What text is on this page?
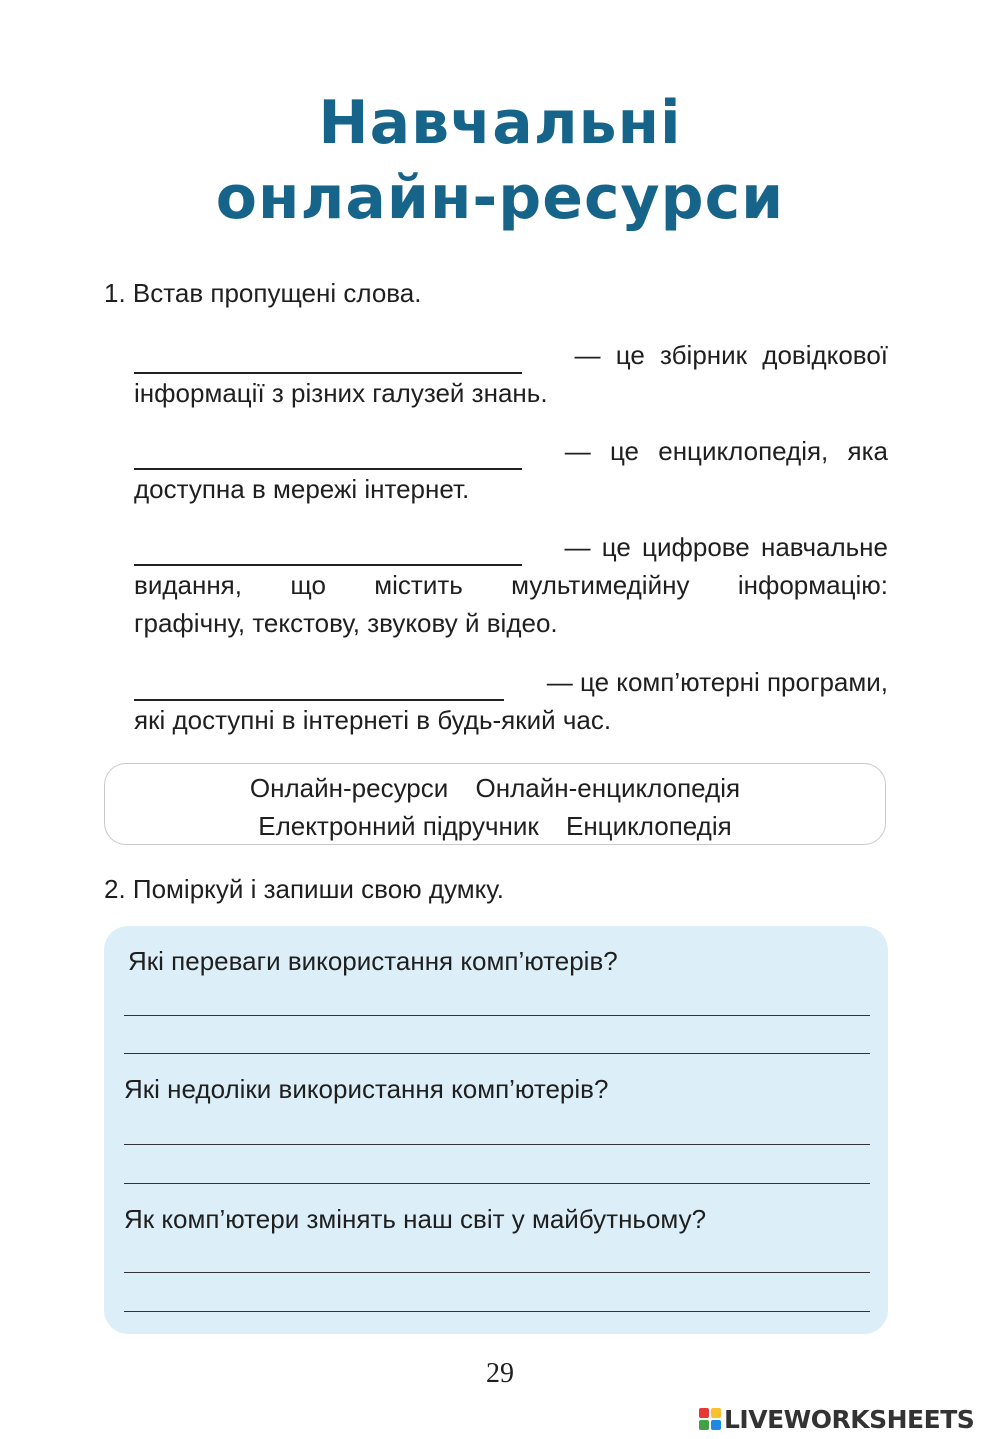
Навчальні
онлайн-ресурси
1. Встав пропущені слова.
— це збірник довідкової
інформації з різних галузей знань.
— це енциклопедія, яка
доступна в мережі інтернет.
— це цифрове навчальне
видання, що містить мультимедійну інформацію:
графічну, текстову, звукову й відео.
— це комп’ютерні програми,
які доступні в інтернеті в будь-який час.
Онлайн-ресурси Онлайн-енциклопедія
Електронний підручник Енциклопедія
2. Поміркуй і запиши свою думку.
Які переваги використання комп’ютерів?
Які недоліки використання комп’ютерів?
Як комп’ютери змінять наш світ у майбутньому?
29
LIVEWORKSHEETS
